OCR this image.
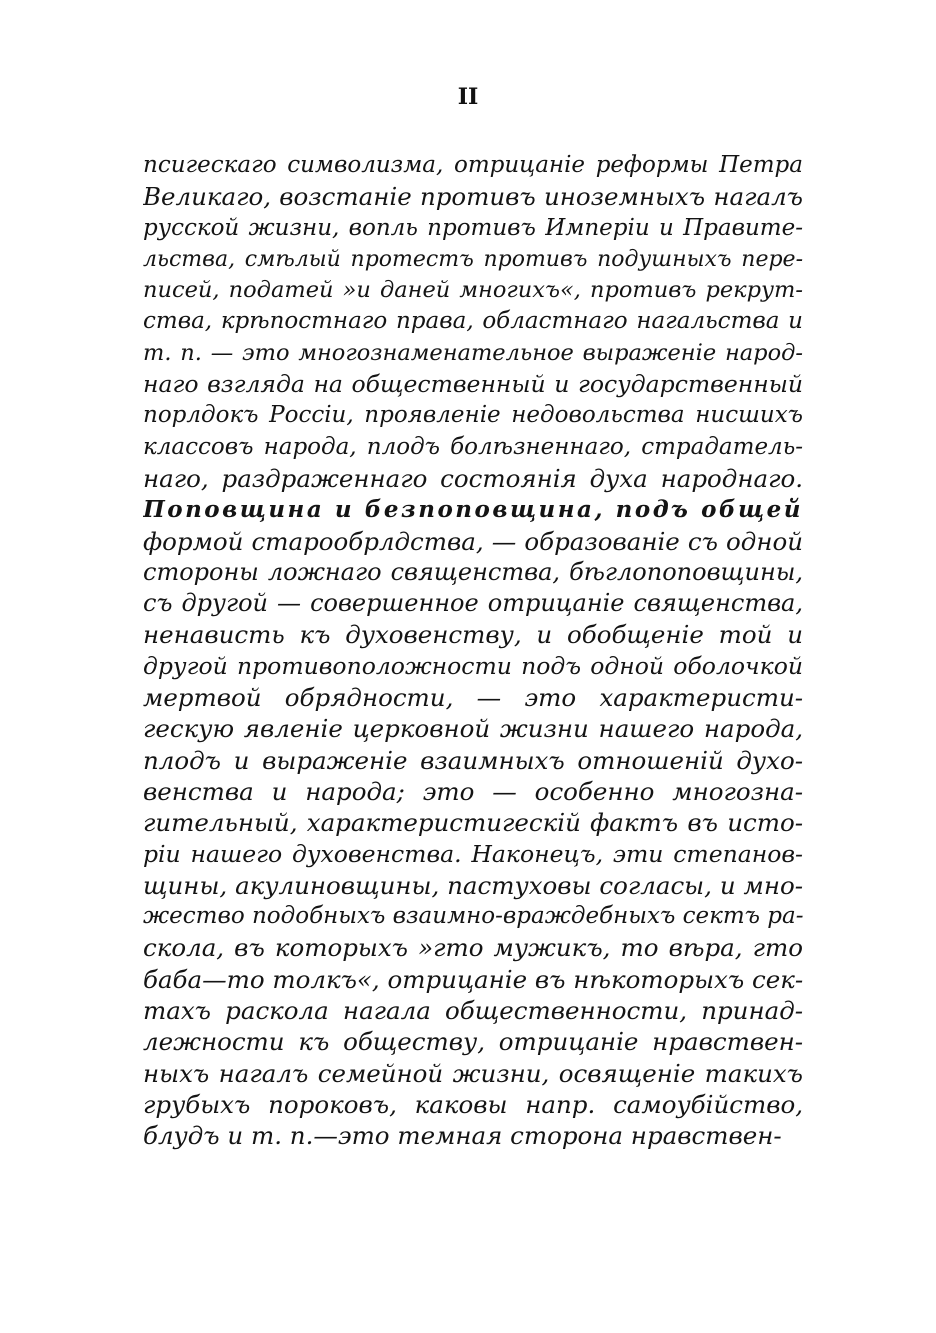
II
псигескаго символизма, отрицаніе реформы Петра
Великаго, возстаніе противъ иноземныхъ нагалъ
русской жизни, вопль противъ Имперіи и Правите-
льства, смѣлый протестъ противъ подушныхъ пере-
писей, податей »и даней многихъ«, противъ рекрут-
ства, крѣпостнаго права, областнаго нагальства и
т. п. — это многознаменательное выраженіе народ-
наго взгляда на общественный и государственный
порлдокъ Россіи, проявленіе недовольства нисшихъ
классовъ народа, плодъ болѣзненнаго, страдатель-
наго, раздраженнаго состоянія духа народнаго.
Поповщина и безпоповщина, подъ общей
формой старообрлдства, — образованіе съ одной
стороны ложнаго священства, бѣглопоповщины,
съ другой — совершенное отрицаніе священства,
ненависть къ духовенству, и обобщеніе той и
другой противоположности подъ одной оболочкой
мертвой обрядности, — это характеристи-
гескую явленіе церковной жизни нашего народа,
плодъ и выраженіе взаимныхъ отношеній духо-
венства и народа; это — особенно многозна-
гительный, характеристигескій фактъ въ исто-
ріи нашего духовенства. Наконецъ, эти степанов-
щины, акулиновщины, пастуховы согласы, и мно-
жество подобныхъ взаимно-враждебныхъ сектъ ра-
скола, въ которыхъ »гто мужикъ, то вѣра, гто
баба—то толкъ«, отрицаніе въ нѣкоторыхъ сек-
тахъ раскола нагала общественности, принад-
лежности къ обществу, отрицаніе нравствен-
ныхъ нагалъ семейной жизни, освященіе такихъ
грубыхъ пороковъ, каковы напр. самоубійство,
блудъ и т. п.—это темная сторона нравствен-
